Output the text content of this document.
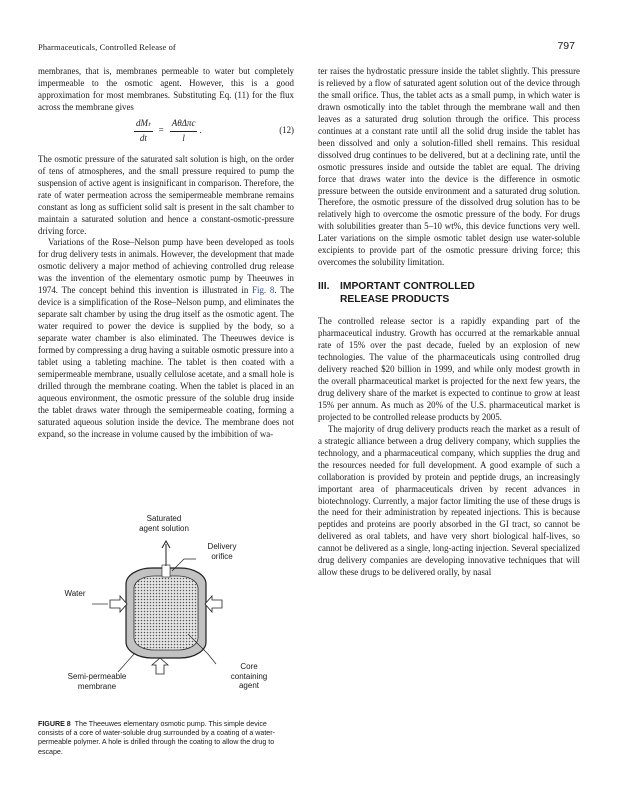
Pharmaceuticals, Controlled Release of	797

membranes, that is, membranes permeable to water but completely impermeable to the osmotic agent. However, this is a good approximation for most membranes. Substituting Eq. (11) for the flux across the membrane gives

$\frac{\text{dMₜ}}{dt} = \frac{\text{AθΔπc}}{l}$ .	(12)

The osmotic pressure of the saturated salt solution is high, on the order of tens of atmospheres, and the small pressure required to pump the suspension of active agent is insignificant in comparison. Therefore, the rate of water permeation across the semipermeable membrane remains constant as long as sufficient solid salt is present in the salt chamber to maintain a saturated solution and hence a constant-osmotic-pressure driving force.

Variations of the Rose–Nelson pump have been developed as tools for drug delivery tests in animals. However, the development that made osmotic delivery a major method of achieving controlled drug release was the invention of the elementary osmotic pump by Theeuwes in 1974. The concept behind this invention is illustrated in Fig. 8. The device is a simplification of the Rose–Nelson pump, and eliminates the separate salt chamber by using the drug itself as the osmotic agent. The water required to power the device is supplied by the body, so a separate water chamber is also eliminated. The Theeuwes device is formed by compressing a drug having a suitable osmotic pressure into a tablet using a tableting machine. The tablet is then coated with a semipermeable membrane, usually cellulose acetate, and a small hole is drilled through the membrane coating. When the tablet is placed in an aqueous environment, the osmotic pressure of the soluble drug inside the tablet draws water through the semipermeable coating, forming a saturated aqueous solution inside the device. The membrane does not expand, so the increase in volume caused by the imbibition of wa-

Saturated
agent solution
Delivery
orifice
Water
Semi-permeable
membrane
Core
containing
agent
FIGURE 8 The Theeuwes elementary osmotic pump. This simple device consists of a core of water-soluble drug surrounded by a coating of a water-permeable polymer. A hole is drilled through the coating to allow the drug to escape.

ter raises the hydrostatic pressure inside the tablet slightly. This pressure is relieved by a flow of saturated agent solution out of the device through the small orifice. Thus, the tablet acts as a small pump, in which water is drawn osmotically into the tablet through the membrane wall and then leaves as a saturated drug solution through the orifice. This process continues at a constant rate until all the solid drug inside the tablet has been dissolved and only a solution-filled shell remains. This residual dissolved drug continues to be delivered, but at a declining rate, until the osmotic pressures inside and outside the tablet are equal. The driving force that draws water into the device is the difference in osmotic pressure between the outside environment and a saturated drug solution. Therefore, the osmotic pressure of the dissolved drug solution has to be relatively high to overcome the osmotic pressure of the body. For drugs with solubilities greater than 5–10 wt%, this device functions very well. Later variations on the simple osmotic tablet design use water-soluble excipients to provide part of the osmotic pressure driving force; this overcomes the solubility limitation.

III. IMPORTANT CONTROLLED
RELEASE PRODUCTS

The controlled release sector is a rapidly expanding part of the pharmaceutical industry. Growth has occurred at the remarkable annual rate of 15% over the past decade, fueled by an explosion of new technologies. The value of the pharmaceuticals using controlled drug delivery reached $20 billion in 1999, and while only modest growth in the overall pharmaceutical market is projected for the next few years, the drug delivery share of the market is expected to continue to grow at least 15% per annum. As much as 20% of the U.S. pharmaceutical market is projected to be controlled release products by 2005.

The majority of drug delivery products reach the market as a result of a strategic alliance between a drug delivery company, which supplies the technology, and a pharmaceutical company, which supplies the drug and the resources needed for full development. A good example of such a collaboration is provided by protein and peptide drugs, an increasingly important area of pharmaceuticals driven by recent advances in biotechnology. Currently, a major factor limiting the use of these drugs is the need for their administration by repeated injections. This is because peptides and proteins are poorly absorbed in the GI tract, so cannot be delivered as oral tablets, and have very short biological half-lives, so cannot be delivered as a single, long-acting injection. Several specialized drug delivery companies are developing innovative techniques that will allow these drugs to be delivered orally, by nasal
